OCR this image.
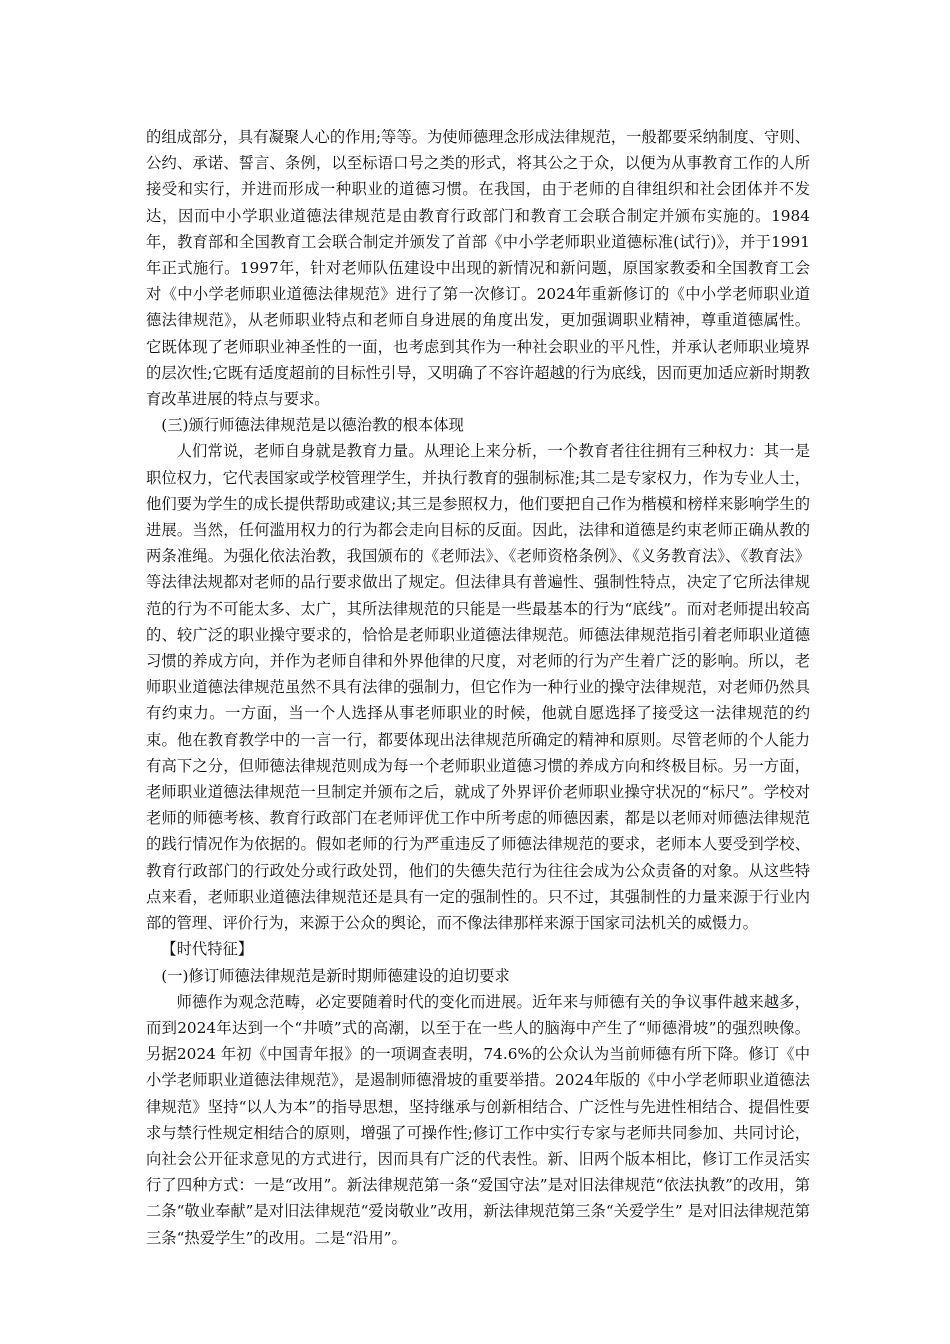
的组成部分，具有凝聚人心的作用;等等。为使师德理念形成法律规范，一般都要采纳制度、守则、公约、承诺、誓言、条例，以至标语口号之类的形式，将其公之于众，以便为从事教育工作的人所接受和实行，并进而形成一种职业的道德习惯。在我国，由于老师的自律组织和社会团体并不发达，因而中小学职业道德法律规范是由教育行政部门和教育工会联合制定并颁布实施的。1984年，教育部和全国教育工会联合制定并颁发了首部《中小学老师职业道德标准(试行)》，并于1991年正式施行。1997年，针对老师队伍建设中出现的新情况和新问题，原国家教委和全国教育工会对《中小学老师职业道德法律规范》进行了第一次修订。2024年重新修订的《中小学老师职业道德法律规范》，从老师职业特点和老师自身进展的角度出发，更加强调职业精神，尊重道德属性。它既体现了老师职业神圣性的一面，也考虑到其作为一种社会职业的平凡性，并承认老师职业境界的层次性;它既有适度超前的目标性引导，又明确了不容许超越的行为底线，因而更加适应新时期教育改革进展的特点与要求。

(三)颁行师德法律规范是以德治教的根本体现

人们常说，老师自身就是教育力量。从理论上来分析，一个教育者往往拥有三种权力：其一是职位权力，它代表国家或学校管理学生，并执行教育的强制标准;其二是专家权力，作为专业人士，他们要为学生的成长提供帮助或建议;其三是参照权力，他们要把自己作为楷模和榜样来影响学生的进展。当然，任何滥用权力的行为都会走向目标的反面。因此，法律和道德是约束老师正确从教的两条准绳。为强化依法治教，我国颁布的《老师法》、《老师资格条例》、《义务教育法》、《教育法》等法律法规都对老师的品行要求做出了规定。但法律具有普遍性、强制性特点，决定了它所法律规范的行为不可能太多、太广，其所法律规范的只能是一些最基本的行为“底线”。而对老师提出较高的、较广泛的职业操守要求的，恰恰是老师职业道德法律规范。师德法律规范指引着老师职业道德习惯的养成方向，并作为老师自律和外界他律的尺度，对老师的行为产生着广泛的影响。所以，老师职业道德法律规范虽然不具有法律的强制力，但它作为一种行业的操守法律规范，对老师仍然具有约束力。一方面，当一个人选择从事老师职业的时候，他就自愿选择了接受这一法律规范的约束。他在教育教学中的一言一行，都要体现出法律规范所确定的精神和原则。尽管老师的个人能力有高下之分，但师德法律规范则成为每一个老师职业道德习惯的养成方向和终极目标。另一方面，老师职业道德法律规范一旦制定并颁布之后，就成了外界评价老师职业操守状况的“标尺”。学校对老师的师德考核、教育行政部门在老师评优工作中所考虑的师德因素，都是以老师对师德法律规范的践行情况作为依据的。假如老师的行为严重违反了师德法律规范的要求，老师本人要受到学校、教育行政部门的行政处分或行政处罚，他们的失德失范行为往往会成为公众责备的对象。从这些特点来看，老师职业道德法律规范还是具有一定的强制性的。只不过，其强制性的力量来源于行业内部的管理、评价行为，来源于公众的舆论，而不像法律那样来源于国家司法机关的威慑力。

【时代特征】

(一)修订师德法律规范是新时期师德建设的迫切要求

师德作为观念范畴，必定要随着时代的变化而进展。近年来与师德有关的争议事件越来越多，而到2024年达到一个“井喷”式的高潮，以至于在一些人的脑海中产生了“师德滑坡”的强烈映像。另据2024 年初《中国青年报》的一项调查表明，74.6%的公众认为当前师德有所下降。修订《中小学老师职业道德法律规范》，是遏制师德滑坡的重要举措。2024年版的《中小学老师职业道德法律规范》坚持“以人为本”的指导思想，坚持继承与创新相结合、广泛性与先进性相结合、提倡性要求与禁行性规定相结合的原则，增强了可操作性;修订工作中实行专家与老师共同参加、共同讨论，向社会公开征求意见的方式进行，因而具有广泛的代表性。新、旧两个版本相比，修订工作灵活实行了四种方式：一是“改用”。新法律规范第一条“爱国守法”是对旧法律规范“依法执教”的改用，第二条“敬业奉献”是对旧法律规范“爱岗敬业”改用，新法律规范第三条“关爱学生” 是对旧法律规范第三条“热爱学生”的改用。二是“沿用”。
